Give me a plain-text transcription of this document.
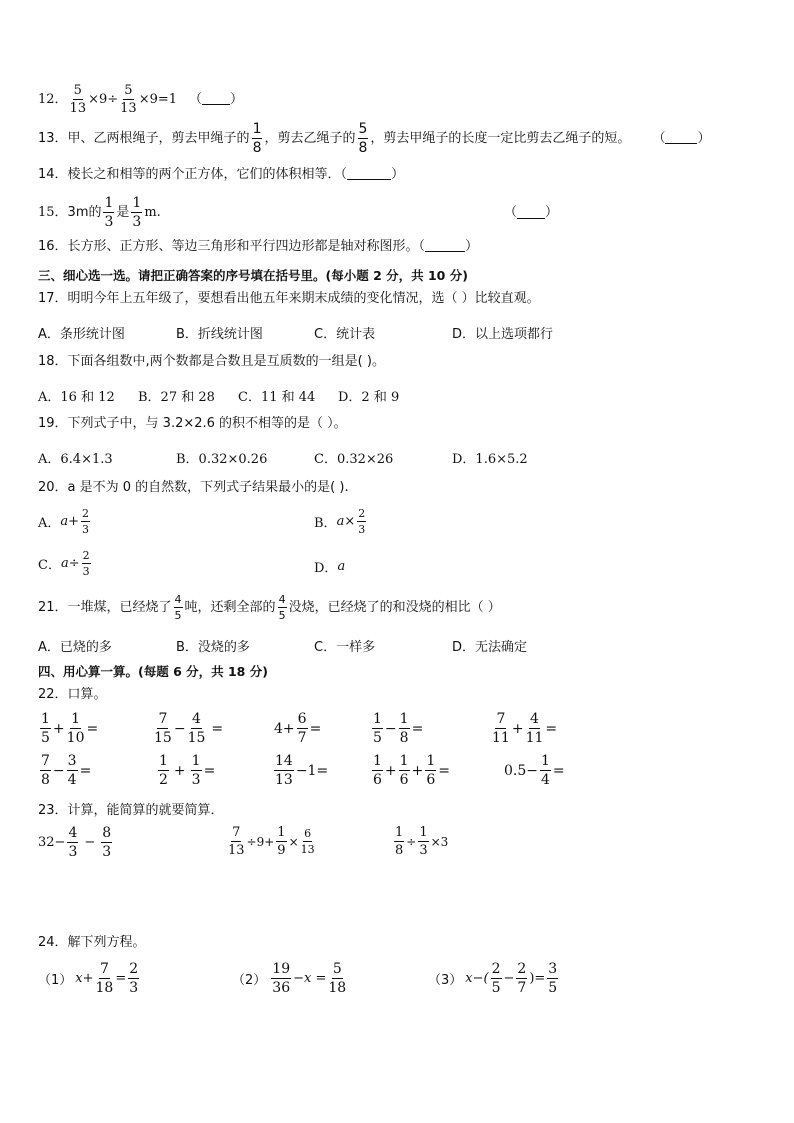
12． $\frac{5}{13} \times 9\div \frac{5}{13} \times 9=1$ （ ）
13． 甲、乙两根绳子，剪去甲绳子的 $\frac{1}{8}$ ，剪去乙绳子的 $\frac{5}{8}$ ，剪去甲绳子的长度一定比剪去乙绳子的短。 （ ）
14． 棱长之和相等的两个正方体，它们的体积相等．（	）
15． 3m的 $\frac{1}{3}$ 是 $\frac{1}{3} m$.	（ ）
16． 长方形、正方形、等边三角形和平行四边形都是轴对称图形。（	）
三、细心选一选。请把正确答案的序号填在括号里。(每小题 2 分，共 10 分)
17．明明今年上五年级了，要想看出他五年来期末成绩的变化情况，选（ ）比较直观。
A．条形统计图	B．折线统计图	C．统计表	D．以上选项都行
18．下面各组数中,两个数都是合数且是互质数的一组是( )。
A．16 和 12 B．27 和 28 C．11 和 44 D．2 和 9
19．下列式子中，与 3.2×2.6 的积不相等的是（ ）。
A．6.4×1.3	B．0.32×0.26	C．0.32×26	D．1.6×5.2
20．a 是不为 0 的自然数，下列式子结果最小的是( ).
A． $a+ \frac{2}{3}$	B． $a\times \frac{2}{3}$
C． $a\div \frac{2}{3}$	D． a
21．一堆煤，已经烧了 $\frac{4}{5}$ 吨，还剩全部的 $\frac{4}{5}$ 没烧，已经烧了的和没烧的相比（ ）
A．已烧的多	B．没烧的多	C．一样多	D．无法确定
四、用心算一算。(每题 6 分，共 18 分)
22．口算。
$\frac{1}{5} + \frac{1}{10}$ =	$\frac{7}{15} - \frac{4}{15}$ =	$4+ \frac{6}{7}$ =	$\frac{1}{5} - \frac{1}{8}$ =	$\frac{7}{11} + \frac{4}{11}$ =
$\frac{7}{8} - \frac{3}{4}$ =	$\frac{1}{2} + \frac{1}{3}$ =	$\frac{14}{13} -1=$	$\frac{1}{6} + \frac{1}{6} + \frac{1}{6}$ =	$0.5- \frac{1}{4}$ =
23．计算，能简算的就要简算．
$32- \frac{4}{3} - \frac{8}{3}$	$\frac{7}{13} \div 9+ \frac{1}{9} \times \frac{6}{13}$	$\frac{1}{8} \div \frac{1}{3} \times 3$
24．解下列方程。
（1） $x+ \frac{7}{18} = \frac{2}{3}$	$(2) \frac{19}{36} -x = \frac{5}{18}$	（3） $x-( \frac{2}{5} - \frac{2}{7}$ )= $\frac{3}{5}$
